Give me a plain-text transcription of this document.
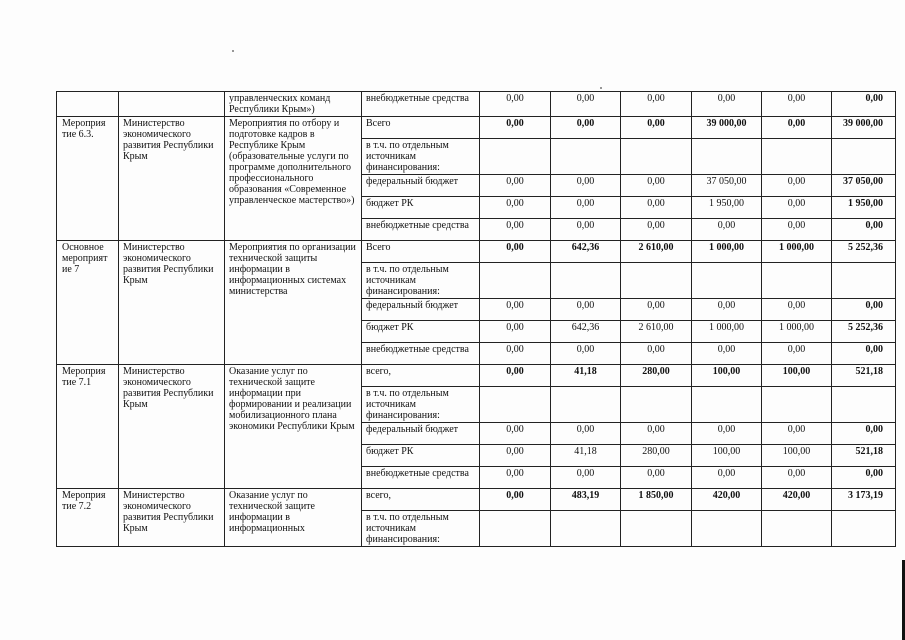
		управленческих команд Республики Крым»)	внебюджетные средства	0,00	0,00	0,00	0,00	0,00	0,00
Мероприя тие 6.3.	Министерство экономического развития Республики Крым	Мероприятия по отбору и подготовке кадров в Республике Крым (образовательные услуги по программе дополнительного профессионального образования «Современное управленческое мастерство»)	Всего	0,00	0,00	0,00	39 000,00	0,00	39 000,00
			в т.ч. по отдельным источникам финансирования:						
			федеральный бюджет	0,00	0,00	0,00	37 050,00	0,00	37 050,00
			бюджет РК	0,00	0,00	0,00	1 950,00	0,00	1 950,00
			внебюджетные средства	0,00	0,00	0,00	0,00	0,00	0,00
Основное мероприят ие 7	Министерство экономического развития Республики Крым	Мероприятия по организации технической защиты информации в информационных системах министерства	Всего	0,00	642,36	2 610,00	1 000,00	1 000,00	5 252,36
			в т.ч. по отдельным источникам финансирования:						
			федеральный бюджет	0,00	0,00	0,00	0,00	0,00	0,00
			бюджет РК	0,00	642,36	2 610,00	1 000,00	1 000,00	5 252,36
			внебюджетные средства	0,00	0,00	0,00	0,00	0,00	0,00
Мероприя тие 7.1	Министерство экономического развития Республики Крым	Оказание услуг по технической защите информации при формировании и реализации мобилизационного плана экономики Республики Крым	всего,	0,00	41,18	280,00	100,00	100,00	521,18
			в т.ч. по отдельным источникам финансирования:						
			федеральный бюджет	0,00	0,00	0,00	0,00	0,00	0,00
			бюджет РК	0,00	41,18	280,00	100,00	100,00	521,18
			внебюджетные средства	0,00	0,00	0,00	0,00	0,00	0,00
Мероприя тие 7.2	Министерство экономического развития Республики Крым	Оказание услуг по технической защите информации в информационных	всего,	0,00	483,19	1 850,00	420,00	420,00	3 173,19
			в т.ч. по отдельным источникам финансирования:						
